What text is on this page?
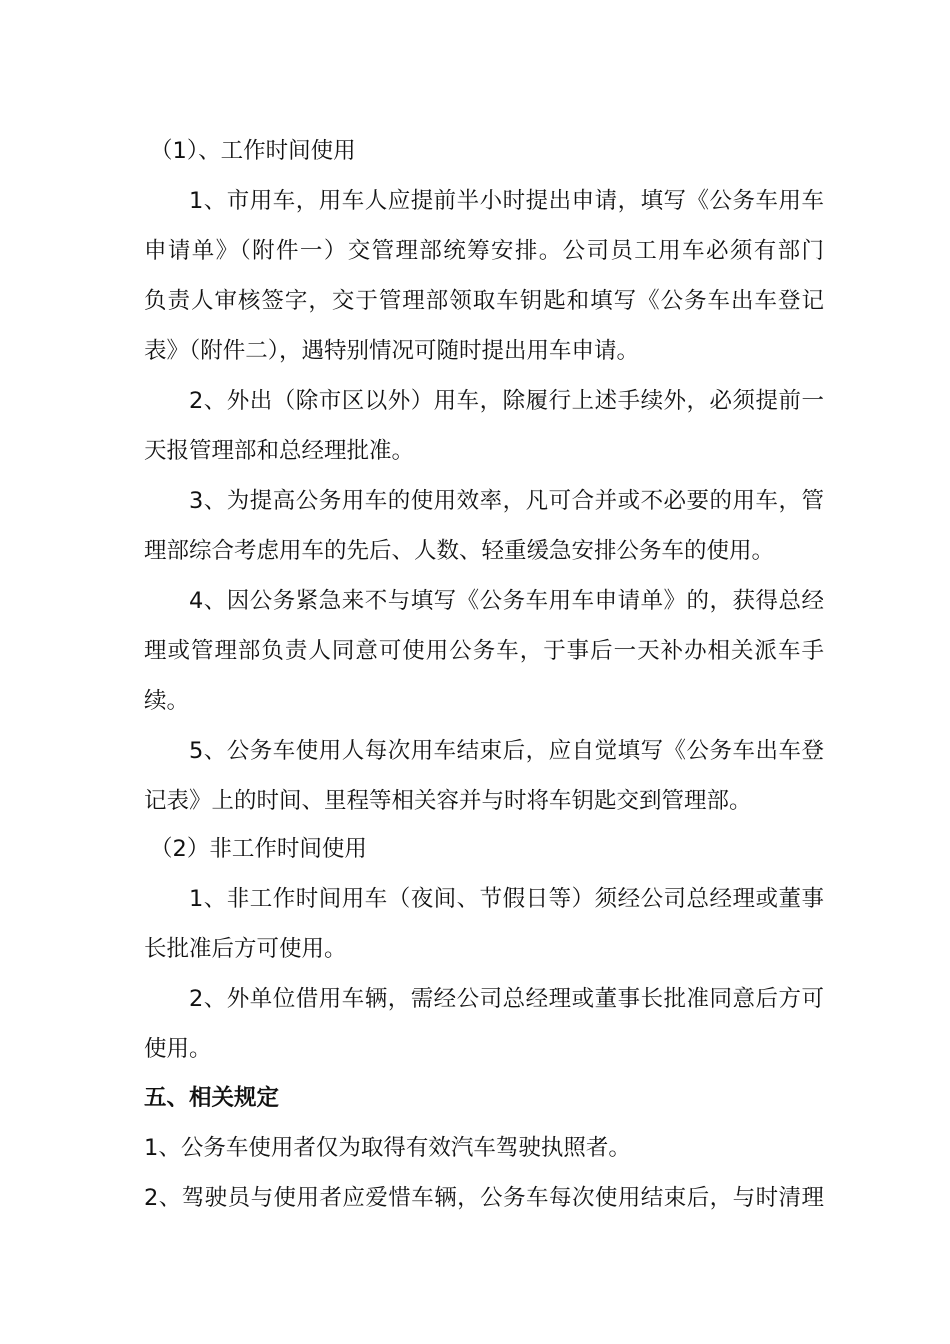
（1）、工作时间使用
1、市用车，用车人应提前半小时提出申请，填写《公务车用车
申请单》（附件一）交管理部统筹安排。公司员工用车必须有部门
负责人审核签字，交于管理部领取车钥匙和填写《公务车出车登记
表》（附件二），遇特别情况可随时提出用车申请。
2、外出（除市区以外）用车，除履行上述手续外，必须提前一
天报管理部和总经理批准。
3、为提高公务用车的使用效率，凡可合并或不必要的用车，管
理部综合考虑用车的先后、人数、轻重缓急安排公务车的使用。
4、因公务紧急来不与填写《公务车用车申请单》的，获得总经
理或管理部负责人同意可使用公务车，于事后一天补办相关派车手
续。
5、公务车使用人每次用车结束后，应自觉填写《公务车出车登
记表》上的时间、里程等相关容并与时将车钥匙交到管理部。
（2）非工作时间使用
1、非工作时间用车（夜间、节假日等）须经公司总经理或董事
长批准后方可使用。
2、外单位借用车辆，需经公司总经理或董事长批准同意后方可
使用。
五、相关规定
1、公务车使用者仅为取得有效汽车驾驶执照者。
2、驾驶员与使用者应爱惜车辆，公务车每次使用结束后，与时清理
